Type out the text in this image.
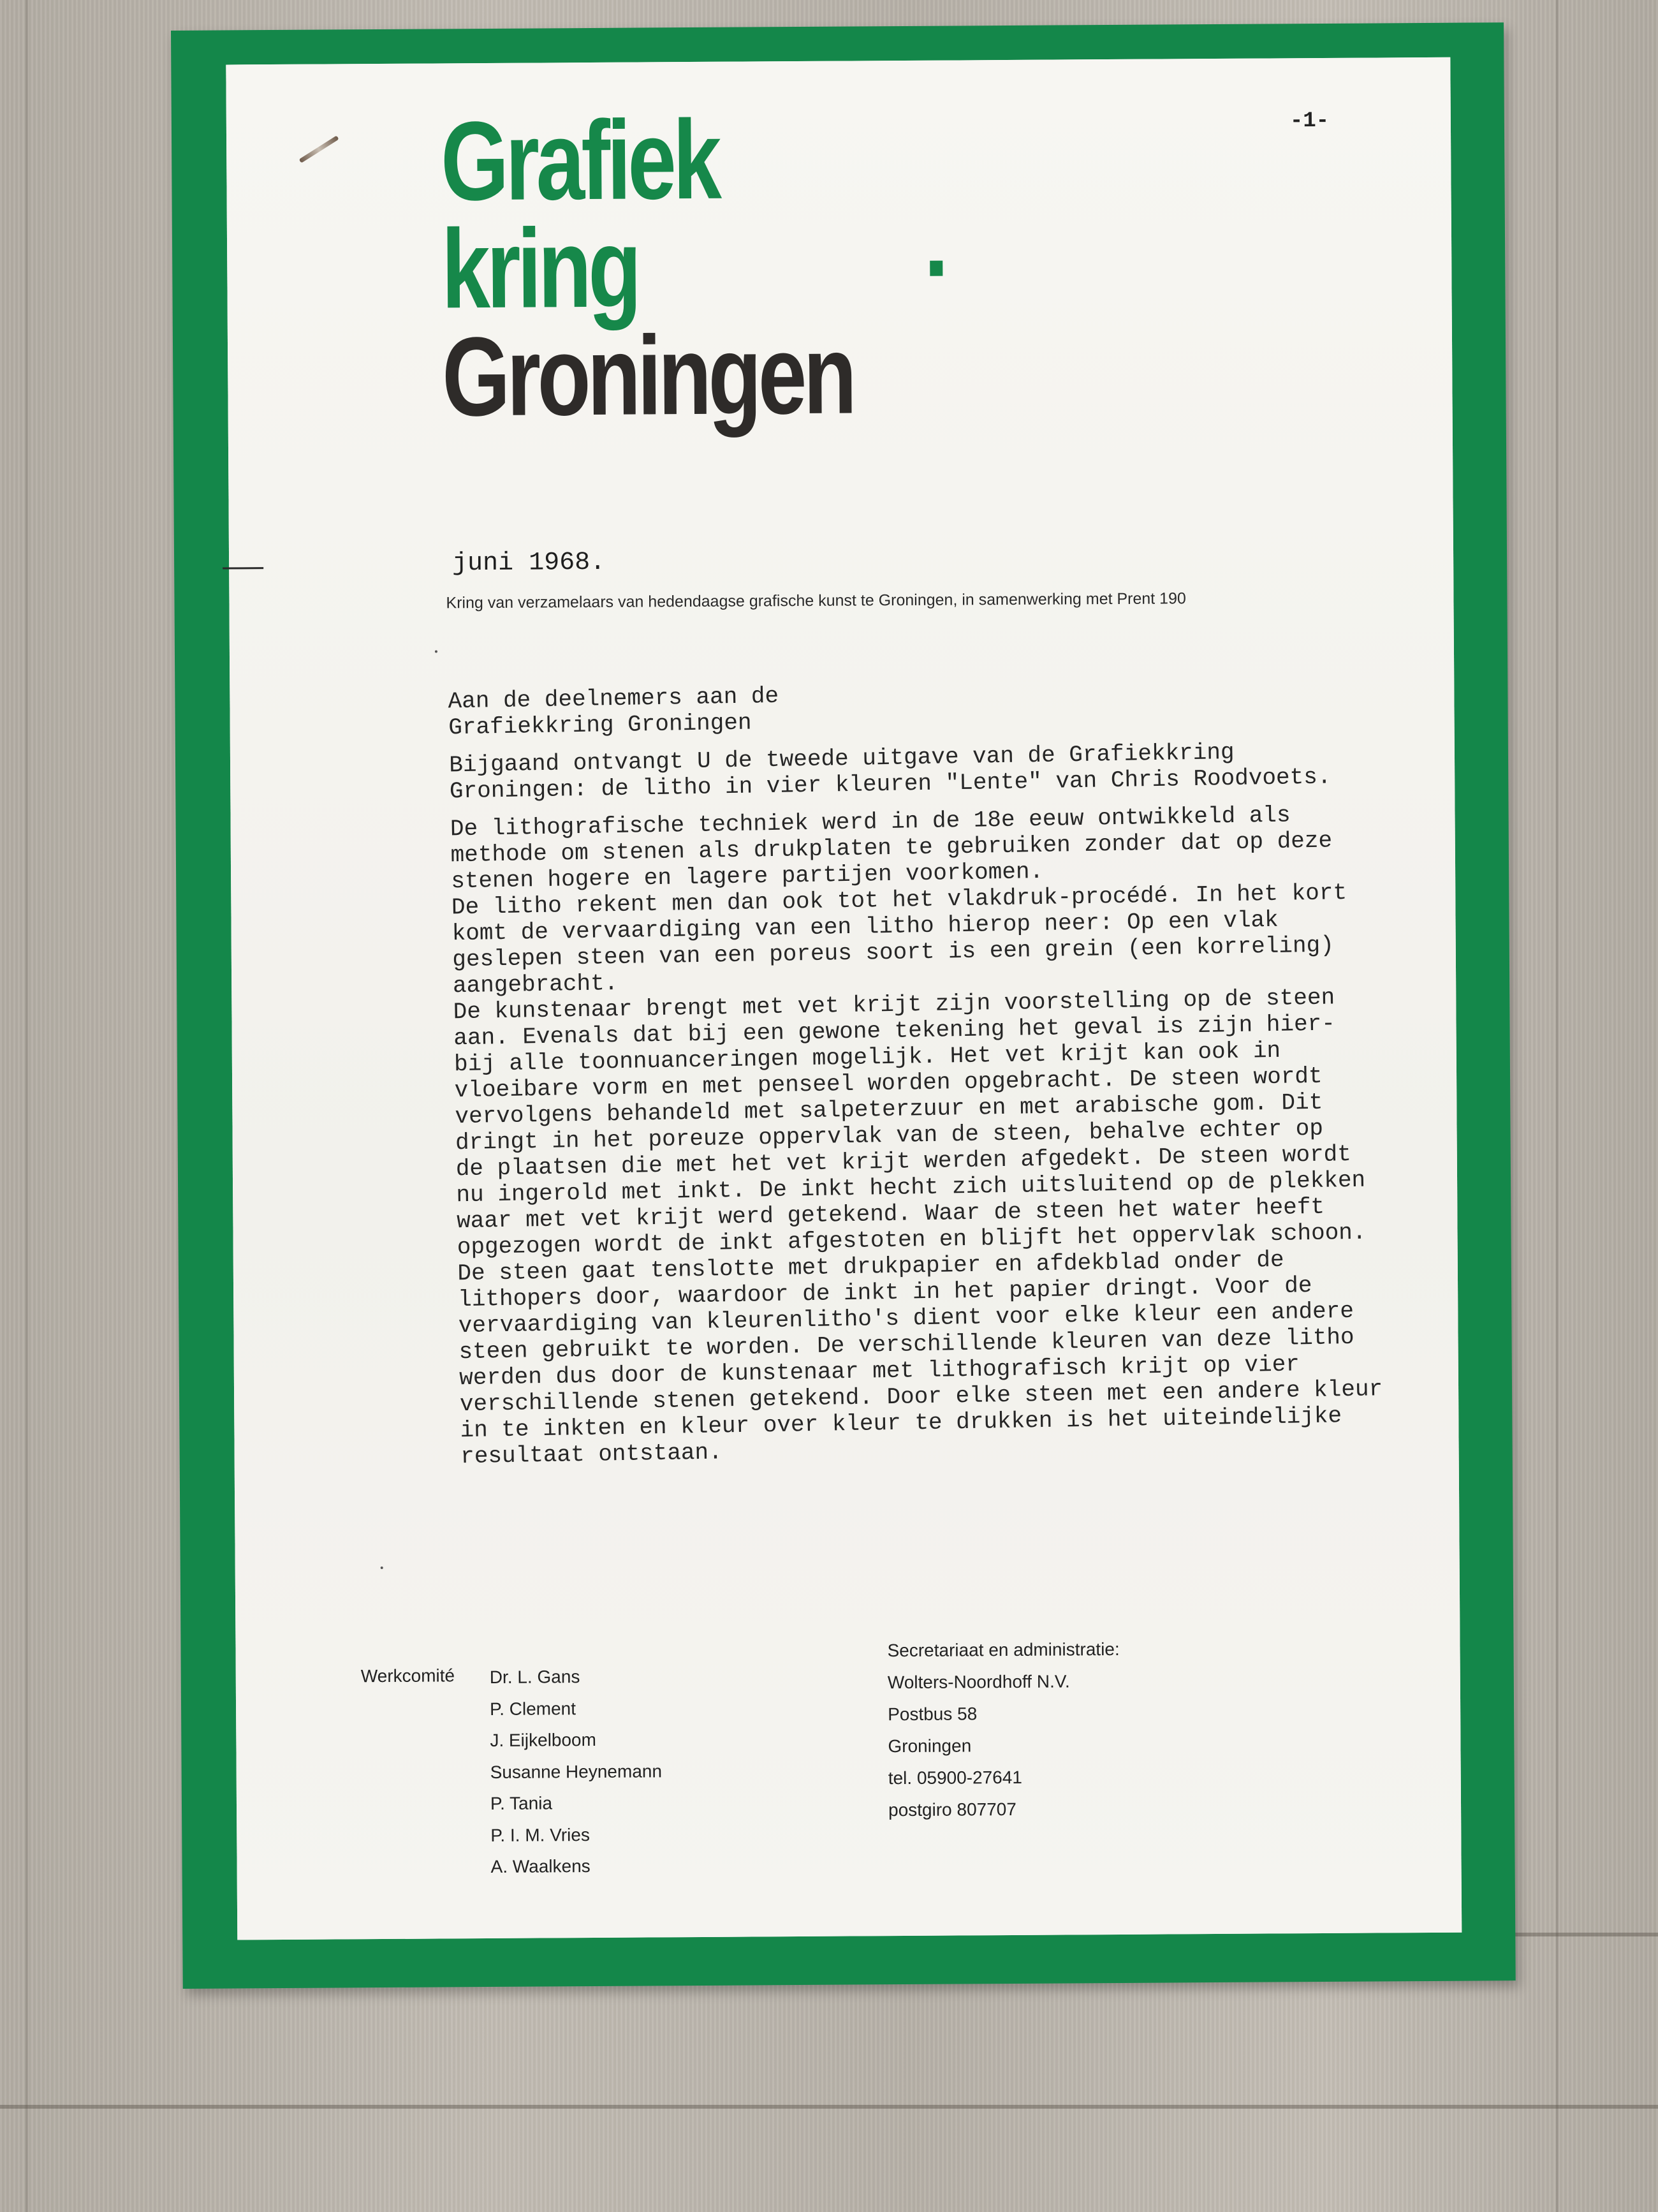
-1-
Grafiek
kring
Groningen
juni 1968.
Kring van verzamelaars van hedendaagse grafische kunst te Groningen, in samenwerking met Prent 190

Aan de deelnemers aan de
Grafiekkring Groningen

Bijgaand ontvangt U de tweede uitgave van de Grafiekkring
Groningen: de litho in vier kleuren "Lente" van Chris Roodvoets.

De lithografische techniek werd in de 18e eeuw ontwikkeld als
methode om stenen als drukplaten te gebruiken zonder dat op deze
stenen hogere en lagere partijen voorkomen.
De litho rekent men dan ook tot het vlakdruk-procédé. In het kort
komt de vervaardiging van een litho hierop neer: Op een vlak
geslepen steen van een poreus soort is een grein (een korreling)
aangebracht.
De kunstenaar brengt met vet krijt zijn voorstelling op de steen
aan. Evenals dat bij een gewone tekening het geval is zijn hier-
bij alle toonnuanceringen mogelijk. Het vet krijt kan ook in
vloeibare vorm en met penseel worden opgebracht. De steen wordt
vervolgens behandeld met salpeterzuur en met arabische gom. Dit
dringt in het poreuze oppervlak van de steen, behalve echter op
de plaatsen die met het vet krijt werden afgedekt. De steen wordt
nu ingerold met inkt. De inkt hecht zich uitsluitend op de plekken
waar met vet krijt werd getekend. Waar de steen het water heeft
opgezogen wordt de inkt afgestoten en blijft het oppervlak schoon.
De steen gaat tenslotte met drukpapier en afdekblad onder de
lithopers door, waardoor de inkt in het papier dringt. Voor de
vervaardiging van kleurenlitho's dient voor elke kleur een andere
steen gebruikt te worden. De verschillende kleuren van deze litho
werden dus door de kunstenaar met lithografisch krijt op vier
verschillende stenen getekend. Door elke steen met een andere kleur
in te inkten en kleur over kleur te drukken is het uiteindelijke
resultaat ontstaan.

Werkcomité Dr. L. Gans
P. Clement
J. Eijkelboom
Susanne Heynemann
P. Tania
P. I. M. Vries
A. Waalkens
Secretariaat en administratie:
Wolters-Noordhoff N.V.
Postbus 58
Groningen
tel. 05900-27641
postgiro 807707
